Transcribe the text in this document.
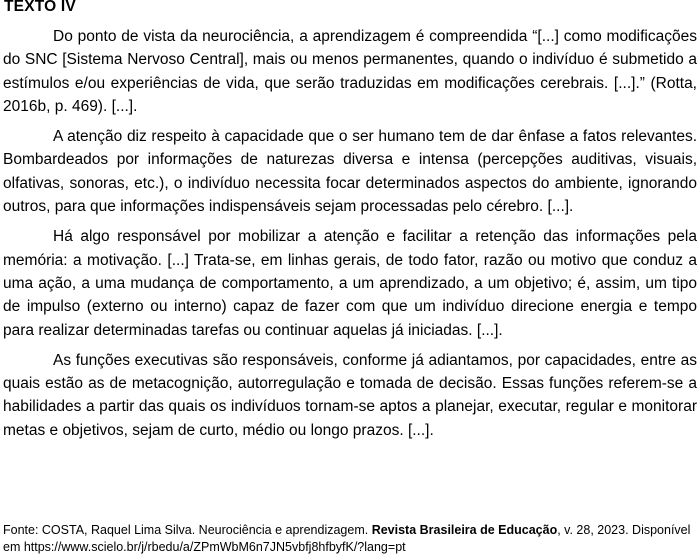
TEXTO IV

Do ponto de vista da neurociência, a aprendizagem é compreendida “[...] como modificações do SNC [Sistema Nervoso Central], mais ou menos permanentes, quando o indivíduo é submetido a estímulos e/ou experiências de vida, que serão traduzidas em modificações cerebrais. [...].” (Rotta, 2016b, p. 469). [...].

A atenção diz respeito à capacidade que o ser humano tem de dar ênfase a fatos relevantes. Bombardeados por informações de naturezas diversa e intensa (percepções auditivas, visuais, olfativas, sonoras, etc.), o indivíduo necessita focar determinados aspectos do ambiente, ignorando outros, para que informações indispensáveis sejam processadas pelo cérebro. [...].

Há algo responsável por mobilizar a atenção e facilitar a retenção das informações pela memória: a motivação. [...] Trata-se, em linhas gerais, de todo fator, razão ou motivo que conduz a uma ação, a uma mudança de comportamento, a um aprendizado, a um objetivo; é, assim, um tipo de impulso (externo ou interno) capaz de fazer com que um indivíduo direcione energia e tempo para realizar determinadas tarefas ou continuar aquelas já iniciadas. [...].

As funções executivas são responsáveis, conforme já adiantamos, por capacidades, entre as quais estão as de metacognição, autorregulação e tomada de decisão. Essas funções referem-se a habilidades a partir das quais os indivíduos tornam-se aptos a planejar, executar, regular e monitorar metas e objetivos, sejam de curto, médio ou longo prazos. [...].

Fonte: COSTA, Raquel Lima Silva. Neurociência e aprendizagem. Revista Brasileira de Educação, v. 28, 2023. Disponível em https://www.scielo.br/j/rbedu/a/ZPmWbM6n7JN5vbfj8hfbyfK/?lang=pt
